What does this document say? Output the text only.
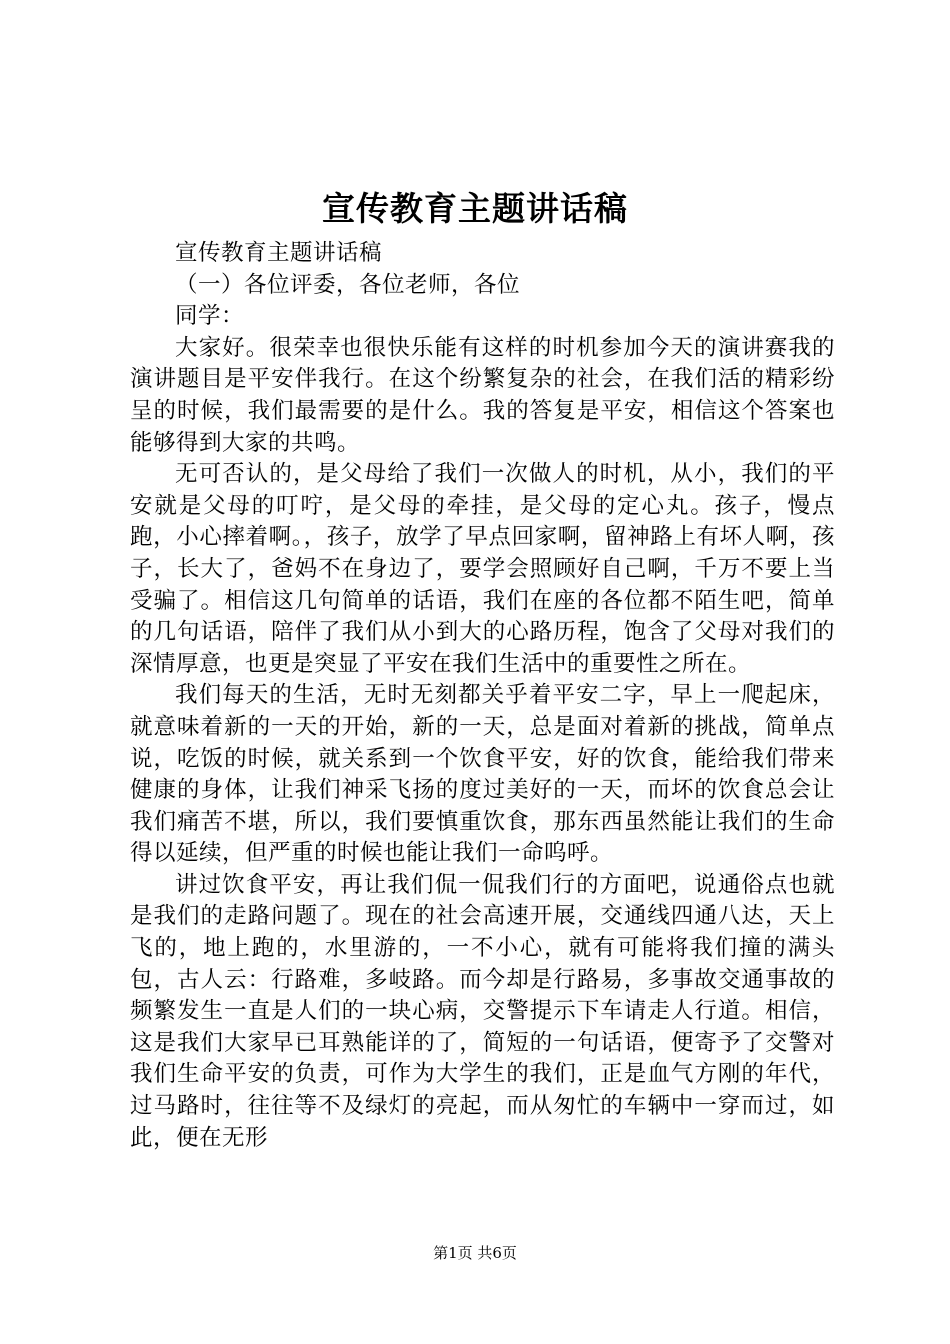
宣传教育主题讲话稿

宣传教育主题讲话稿

（一）各位评委，各位老师，各位

同学：

大家好。很荣幸也很快乐能有这样的时机参加今天的演讲赛我的演讲题目是平安伴我行。在这个纷繁复杂的社会，在我们活的精彩纷呈的时候，我们最需要的是什么。我的答复是平安，相信这个答案也能够得到大家的共鸣。

无可否认的，是父母给了我们一次做人的时机，从小，我们的平安就是父母的叮咛，是父母的牵挂，是父母的定心丸。孩子，慢点跑，小心摔着啊。，孩子，放学了早点回家啊，留神路上有坏人啊，孩子，长大了，爸妈不在身边了，要学会照顾好自己啊，千万不要上当受骗了。相信这几句简单的话语，我们在座的各位都不陌生吧，简单的几句话语，陪伴了我们从小到大的心路历程，饱含了父母对我们的深情厚意，也更是突显了平安在我们生活中的重要性之所在。

我们每天的生活，无时无刻都关乎着平安二字，早上一爬起床，就意味着新的一天的开始，新的一天，总是面对着新的挑战，简单点说，吃饭的时候，就关系到一个饮食平安，好的饮食，能给我们带来健康的身体，让我们神采飞扬的度过美好的一天，而坏的饮食总会让我们痛苦不堪，所以，我们要慎重饮食，那东西虽然能让我们的生命得以延续，但严重的时候也能让我们一命呜呼。

讲过饮食平安，再让我们侃一侃我们行的方面吧，说通俗点也就是我们的走路问题了。现在的社会高速开展，交通线四通八达，天上飞的，地上跑的，水里游的，一不小心，就有可能将我们撞的满头包，古人云：行路难，多岐路。而今却是行路易，多事故交通事故的频繁发生一直是人们的一块心病，交警提示下车请走人行道。相信，这是我们大家早已耳熟能详的了，简短的一句话语，便寄予了交警对我们生命平安的负责，可作为大学生的我们，正是血气方刚的年代，过马路时，往往等不及绿灯的亮起，而从匆忙的车辆中一穿而过，如此，便在无形

第1页 共6页
